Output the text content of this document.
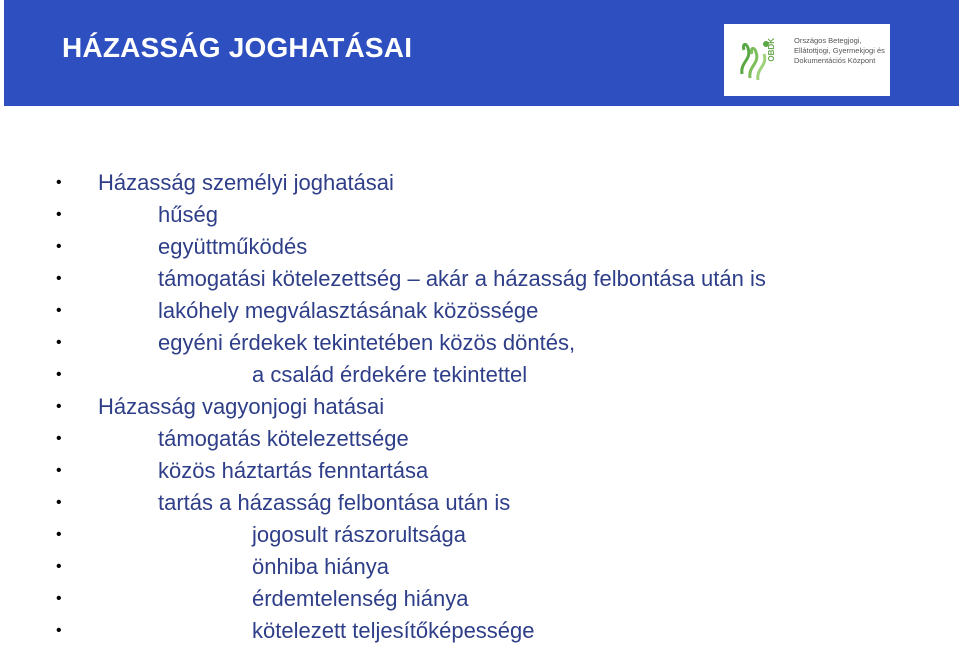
HÁZASSÁG JOGHATÁSAI	OBDK Országos Betegjogi,
Ellátottjogi, Gyermekjogi és
Dokumentációs Központ
• Házasság személyi joghatásai
• hűség
• együttműködés
• támogatási kötelezettség – akár a házasság felbontása után is
• lakóhely megválasztásának közössége
• egyéni érdekek tekintetében közös döntés,
• a család érdekére tekintettel
• Házasság vagyonjogi hatásai
• támogatás kötelezettsége
• közös háztartás fenntartása
• tartás a házasság felbontása után is
• jogosult rászorultsága
• önhiba hiánya
• érdemtelenség hiánya
• kötelezett teljesítőképessége
